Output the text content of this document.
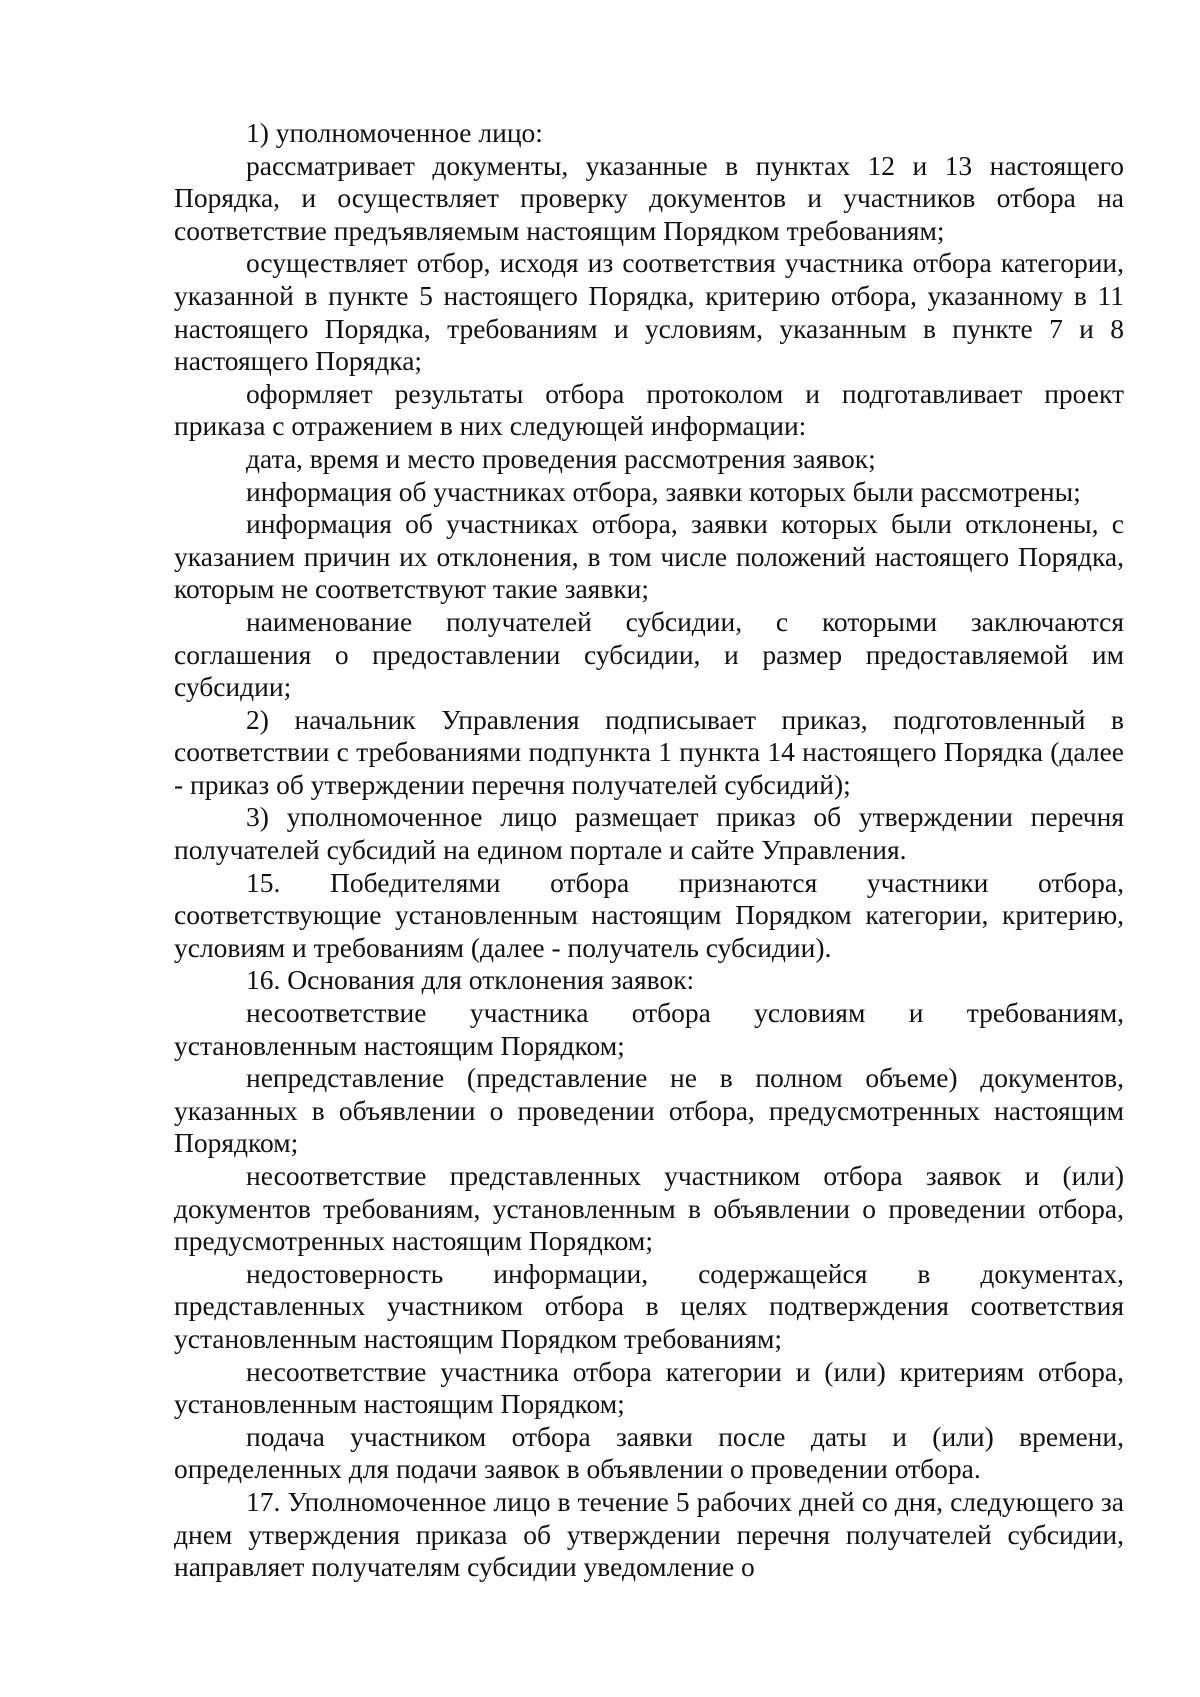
1) уполномоченное лицо:

рассматривает документы, указанные в пунктах 12 и 13 настоящего Порядка, и осуществляет проверку документов и участников отбора на соответствие предъявляемым настоящим Порядком требованиям;

осуществляет отбор, исходя из соответствия участника отбора категории, указанной в пункте 5 настоящего Порядка, критерию отбора, указанному в 11 настоящего Порядка, требованиям и условиям, указанным в пункте 7 и 8 настоящего Порядка;

оформляет результаты отбора протоколом и подготавливает проект приказа с отражением в них следующей информации:

дата, время и место проведения рассмотрения заявок;

информация об участниках отбора, заявки которых были рассмотрены;

информация об участниках отбора, заявки которых были отклонены, с указанием причин их отклонения, в том числе положений настоящего Порядка, которым не соответствуют такие заявки;

наименование получателей субсидии, с которыми заключаются соглашения о предоставлении субсидии, и размер предоставляемой им субсидии;

2) начальник Управления подписывает приказ, подготовленный в соответствии с требованиями подпункта 1 пункта 14 настоящего Порядка (далее - приказ об утверждении перечня получателей субсидий);

3) уполномоченное лицо размещает приказ об утверждении перечня получателей субсидий на едином портале и сайте Управления.

15. Победителями отбора признаются участники отбора, соответствующие установленным настоящим Порядком категории, критерию, условиям и требованиям (далее - получатель субсидии).

16. Основания для отклонения заявок:

несоответствие участника отбора условиям и требованиям, установленным настоящим Порядком;

непредставление (представление не в полном объеме) документов, указанных в объявлении о проведении отбора, предусмотренных настоящим Порядком;

несоответствие представленных участником отбора заявок и (или) документов требованиям, установленным в объявлении о проведении отбора, предусмотренных настоящим Порядком;

недостоверность информации, содержащейся в документах, представленных участником отбора в целях подтверждения соответствия установленным настоящим Порядком требованиям;

несоответствие участника отбора категории и (или) критериям отбора, установленным настоящим Порядком;

подача участником отбора заявки после даты и (или) времени, определенных для подачи заявок в объявлении о проведении отбора.

17. Уполномоченное лицо в течение 5 рабочих дней со дня, следующего за днем утверждения приказа об утверждении перечня получателей субсидии, направляет получателям субсидии уведомление о
